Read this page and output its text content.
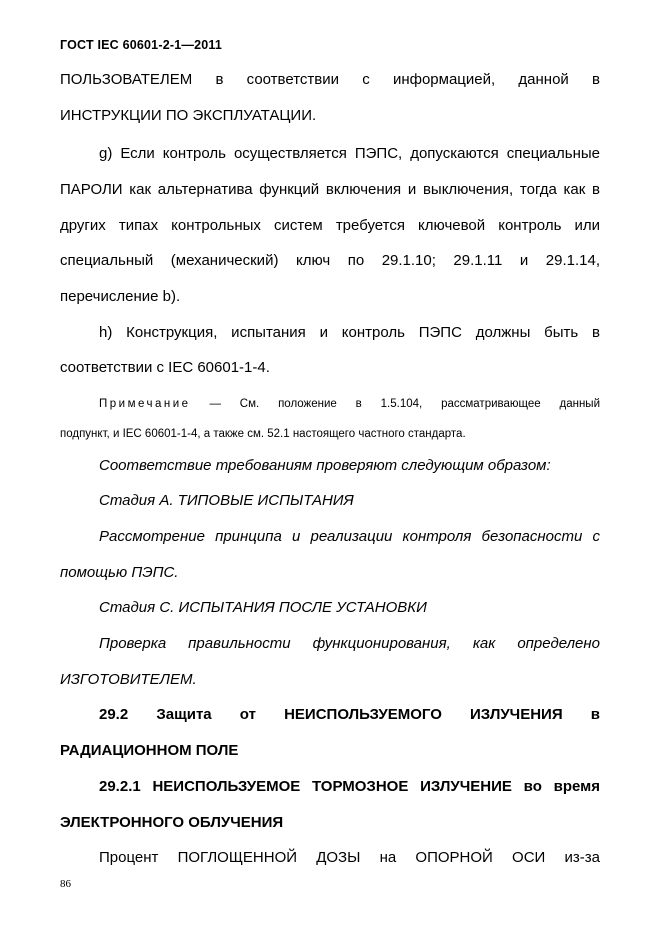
ГОСТ IEC 60601-2-1—2011
ПОЛЬЗОВАТЕЛЕМ в соответствии с информацией, данной в
ИНСТРУКЦИИ ПО ЭКСПЛУАТАЦИИ.
g) Если контроль осуществляется ПЭПС, допускаются специальные
ПАРОЛИ как альтернатива функций включения и выключения, тогда как в
других типах контрольных систем требуется ключевой контроль или
специальный (механический) ключ по 29.1.10; 29.1.11 и 29.1.14,
перечисление b).
h) Конструкция, испытания и контроль ПЭПС должны быть в
соответствии с IEC 60601-1-4.
Примечание — См. положение в 1.5.104, рассматривающее данный
подпункт, и IEC 60601-1-4, а также см. 52.1 настоящего частного стандарта.
Соответствие требованиям проверяют следующим образом:
Стадия А. ТИПОВЫЕ ИСПЫТАНИЯ
Рассмотрение принципа и реализации контроля безопасности с
помощью ПЭПС.
Стадия С. ИСПЫТАНИЯ ПОСЛЕ УСТАНОВКИ
Проверка правильности функционирования, как определено
ИЗГОТОВИТЕЛЕМ.
29.2 Защита от НЕИСПОЛЬЗУЕМОГО ИЗЛУЧЕНИЯ в
РАДИАЦИОННОМ ПОЛЕ
29.2.1 НЕИСПОЛЬЗУЕМОЕ ТОРМОЗНОЕ ИЗЛУЧЕНИЕ во время
ЭЛЕКТРОННОГО ОБЛУЧЕНИЯ
Процент ПОГЛОЩЕННОЙ ДОЗЫ на ОПОРНОЙ ОСИ из-за
86
